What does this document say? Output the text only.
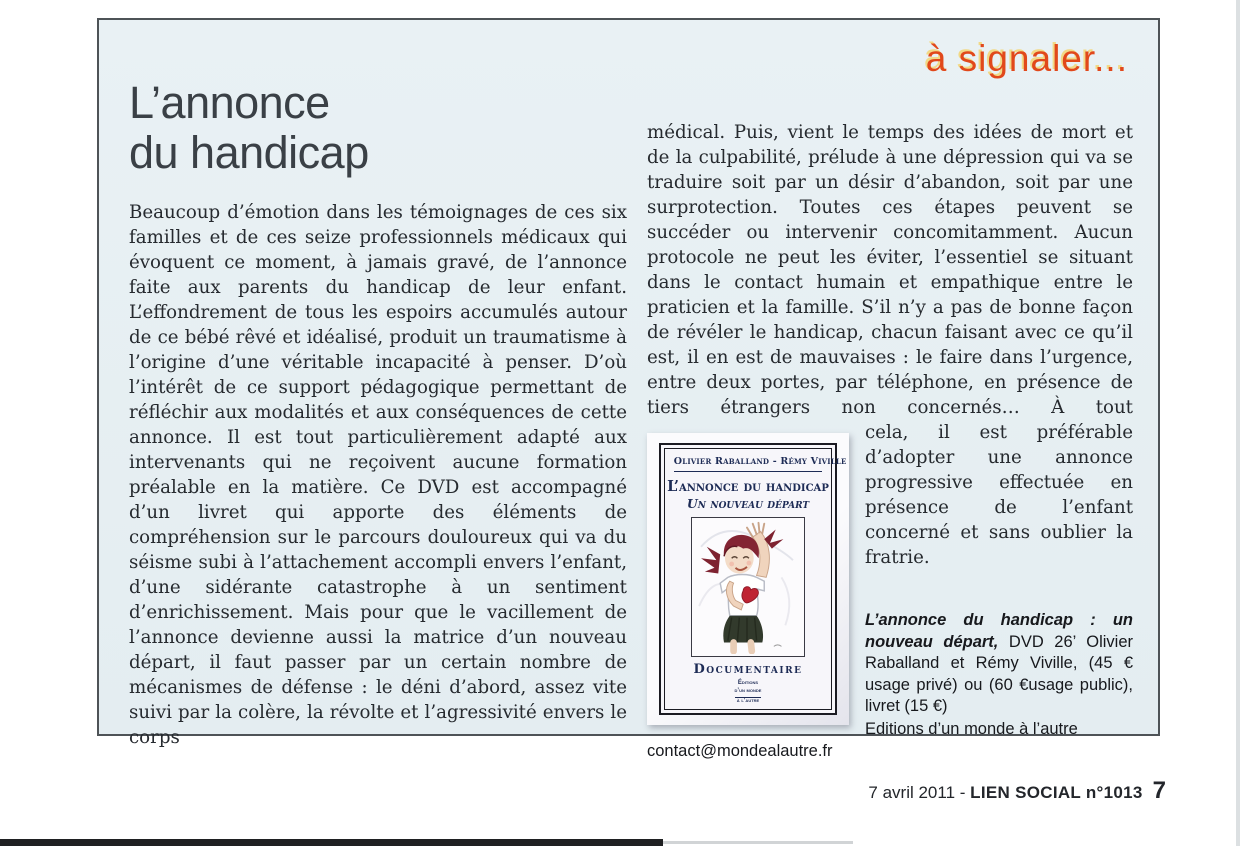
à signaler...
L’annonce
du handicap

Beaucoup d’émotion dans les témoignages de ces six familles et de ces seize professionnels médicaux qui évoquent ce moment, à jamais gravé, de l’annonce faite aux parents du handicap de leur enfant. L’effondrement de tous les espoirs accumulés autour de ce bébé rêvé et idéalisé, produit un traumatisme à l’origine d’une véritable incapacité à penser. D’où l’intérêt de ce support pédagogique permettant de réfléchir aux modalités et aux conséquences de cette annonce. Il est tout particulièrement adapté aux intervenants qui ne reçoivent aucune formation préalable en la matière. Ce DVD est accompagné d’un livret qui apporte des éléments de compréhension sur le parcours douloureux qui va du séisme subi à l’attachement accompli envers l’enfant, d’une sidérante catastrophe à un sentiment d’enrichissement. Mais pour que le vacillement de l’annonce devienne aussi la matrice d’un nouveau départ, il faut passer par un certain nombre de mécanismes de défense : le déni d’abord, assez vite suivi par la colère, la révolte et l’agressivité envers le corps

médical. Puis, vient le temps des idées de mort et de la culpabilité, prélude à une dépression qui va se traduire soit par un désir d’abandon, soit par une surprotection. Toutes ces étapes peuvent se succéder ou intervenir concomitamment. Aucun protocole ne peut les éviter, l’essentiel se situant dans le contact humain et empathique entre le praticien et la famille. S’il n’y a pas de bonne façon de révéler le handicap, chacun faisant avec ce qu’il est, il en est de mauvaises : le faire dans l’urgence, entre deux portes, par téléphone, en présence de tiers étrangers non concernés… À tout

Olivier Raballand - Rémy Viville
L’annonce du handicap
Un nouveau départ
Documentaire
Éditions
d’un monde
à l’autre

cela, il est préférable d’adopter une annonce progressive effectuée en présence de l’enfant concerné et sans oublier la fratrie.

L’annonce du handicap : un nouveau départ, DVD 26’ Olivier Raballand et Rémy Viville, (45 € usage privé) ou (60 €usage public), livret (15 €)
Editions d’un monde à l’autre
contact@mondealautre.fr
7 avril 2011 - LIEN SOCIAL n°1013 7
